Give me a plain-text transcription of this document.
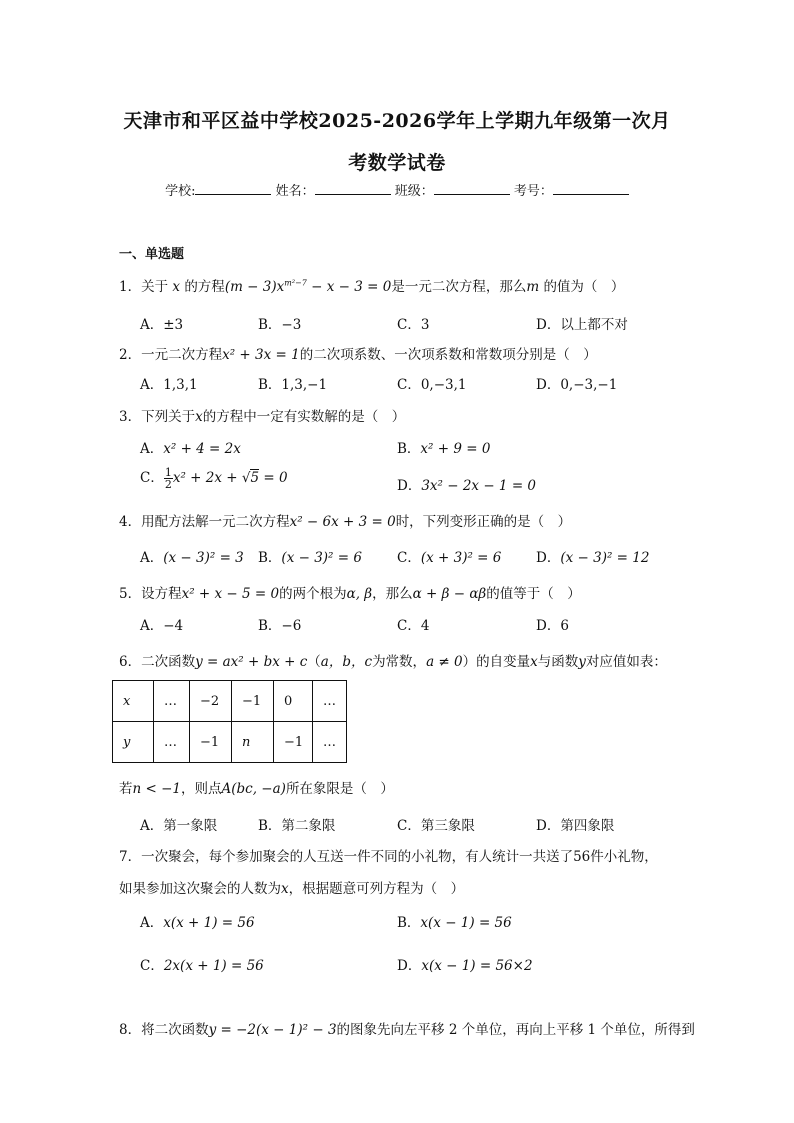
天津市和平区益中学校2025-2026学年上学期九年级第一次月
考数学试卷
学校:	姓名：	班级：	考号：
一、单选题
1．关于 x 的方程$(m - 3)x^{m^2-7} - x - 3 = 0$是一元二次方程，那么m 的值为（　）
A．±3	B．−3	C．3	D．以上都不对
2．一元二次方程x² + 3x = 1的二次项系数、一次项系数和常数项分别是（　）
A．1,3,1	B．1,3,−1	C．0,−3,1	D．0,−3,−1
3．下列关于x的方程中一定有实数解的是（　）
A．x² + 4 = 2x	B．x² + 9 = 0
C． $\frac{1}{2} x^2 + 2x + √5 = 0$	D．3x² − 2x − 1 = 0
4．用配方法解一元二次方程x² − 6x + 3 = 0时，下列变形正确的是（　）
A．(x − 3)² = 3 B．(x − 3)² = 6	C．(x + 3)² = 6	D．(x − 3)² = 12
5．设方程x² + x − 5 = 0的两个根为α, β，那么α + β − αβ的值等于（　）
A．−4	B．−6	C．4	D．6
6．二次函数y = ax² + bx + c（a，b，c为常数，a ≠ 0）的自变量x与函数y对应值如表：
x	…	−2	−1	0	…
y	…	−1	n	−1	…
若n < −1，则点A(bc, −a)所在象限是（　）
A．第一象限	B．第二象限	C．第三象限	D．第四象限
7．一次聚会，每个参加聚会的人互送一件不同的小礼物，有人统计一共送了56件小礼物，
如果参加这次聚会的人数为x，根据题意可列方程为（　）
A．x(x + 1) = 56	B．x(x − 1) = 56
C．2x(x + 1) = 56	D．x(x − 1) = 56×2
8．将二次函数y = −2(x − 1)² − 3的图象先向左平移 2 个单位，再向上平移 1 个单位，所得到
